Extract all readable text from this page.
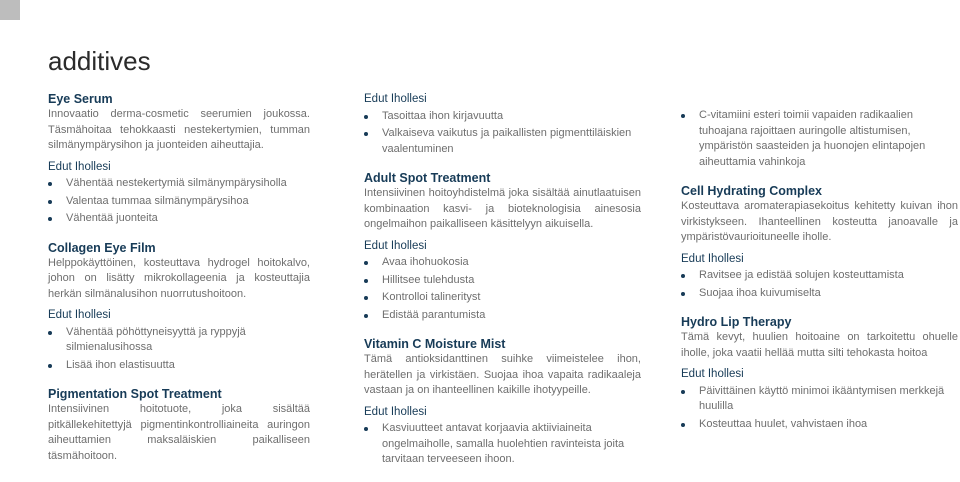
additives
Eye Serum

Innovaatio derma-cosmetic seerumien joukossa. Täsmähoitaa tehokkaasti nestekertymien, tumman silmänympärysihon ja juonteiden aiheuttajia.

Edut Ihollesi

Vähentää nestekertymiä silmänympärysiholla
Valentaa tummaa silmänympärysihoa
Vähentää juonteita
Collagen Eye Film

Helppokäyttöinen, kosteuttava hydrogel hoitokalvo, johon on lisätty mikrokollageenia ja kosteuttajia herkän silmänalusihon nuorrutushoitoon.

Edut Ihollesi

Vähentää pöhöttyneisyyttä ja ryppyjä silmienalusihossa
Lisää ihon elastisuutta
Pigmentation Spot Treatment

Intensiivinen hoitotuote, joka sisältää pitkällekehitettyjä pigmentinkontrolliaineita auringon aiheuttamien maksaläiskien paikalliseen täsmähoitoon.

Edut Ihollesi

Tasoittaa ihon kirjavuutta
Valkaiseva vaikutus ja paikallisten pigmenttiläiskien vaalentuminen
Adult Spot Treatment

Intensiivinen hoitoyhdistelmä joka sisältää ainutlaatuisen kombinaation kasvi- ja bioteknologisia ainesosia ongelmaihon paikalliseen käsittelyyn aikuisella.

Edut Ihollesi

Avaa ihohuokosia
Hillitsee tulehdusta
Kontrolloi talinerityst
Edistää parantumista
Vitamin C Moisture Mist

Tämä antioksidanttinen suihke viimeistelee ihon, herätellen ja virkistäen. Suojaa ihoa vapaita radikaaleja vastaan ja on ihanteellinen kaikille ihotyypeille.

Edut Ihollesi

Kasviuutteet antavat korjaavia aktiiviaineita ongelmaiholle, samalla huolehtien ravinteista joita tarvitaan terveeseen ihoon.
C-vitamiini esteri toimii vapaiden radikaalien tuhoajana rajoittaen auringolle altistumisen, ympäristön saasteiden ja huonojen elintapojen aiheuttamia vahinkoja
Cell Hydrating Complex

Kosteuttava aromaterapiasekoitus kehitetty kuivan ihon virkistykseen. Ihanteellinen kosteutta janoavalle ja ympäristövaurioituneelle iholle.

Edut Ihollesi

Ravitsee ja edistää solujen kosteuttamista
Suojaa ihoa kuivumiselta
Hydro Lip Therapy

Tämä kevyt, huulien hoitoaine on tarkoitettu ohuelle iholle, joka vaatii hellää mutta silti tehokasta hoitoa

Edut Ihollesi

Päivittäinen käyttö minimoi ikääntymisen merkkejä huulilla
Kosteuttaa huulet, vahvistaen ihoa
